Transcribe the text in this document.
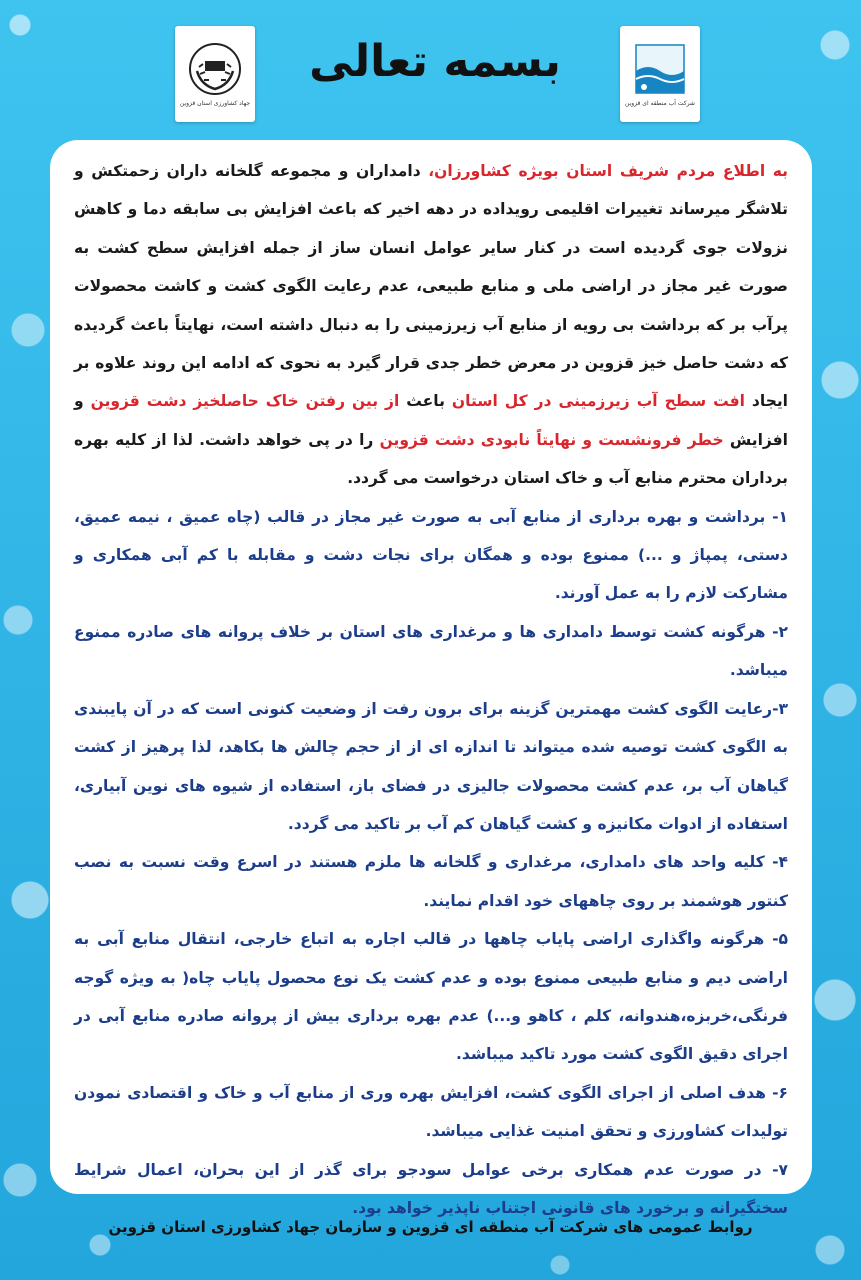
جهاد کشاورزی استان قزوین
بسمه تعالی
شرکت آب منطقه ای قزوین

به اطلاع مردم شریف استان بویژه کشاورزان، دامداران و مجموعه گلخانه داران زحمتکش و تلاشگر میرساند تغییرات اقلیمی رویداده در دهه اخیر که باعث افزایش بی سابقه دما و کاهش نزولات جوی گردیده است در کنار سایر عوامل انسان ساز از جمله افزایش سطح کشت به صورت غیر مجاز در اراضی ملی و منابع طبیعی، عدم رعایت الگوی کشت و کاشت محصولات پرآب بر که برداشت بی رویه از منابع آب زیرزمینی را به دنبال داشته است، نهایتاً باعث گردیده که دشت حاصل خیز قزوین در معرض خطر جدی قرار گیرد به نحوی که ادامه این روند علاوه بر ایجاد افت سطح آب زیرزمینی در کل استان باعث از بین رفتن خاک حاصلخیز دشت قزوین و افزایش خطر فرونشست و نهایتاً نابودی دشت قزوین را در پی خواهد داشت. لذا از کلیه بهره برداران محترم منابع آب و خاک استان درخواست می گردد.

۱- برداشت و بهره برداری از منابع آبی به صورت غیر مجاز در قالب (چاه عمیق ، نیمه عمیق، دستی، پمپاژ و ...) ممنوع بوده و همگان برای نجات دشت و مقابله با کم آبی همکاری و مشارکت لازم را به عمل آورند.

۲- هرگونه کشت توسط دامداری ها و مرغداری های استان بر خلاف پروانه های صادره ممنوع میباشد.

۳-رعایت الگوی کشت مهمترین گزینه برای برون رفت از وضعیت کنونی است که در آن پایبندی به الگوی کشت توصیه شده میتواند تا اندازه ای از از حجم چالش ها بکاهد، لذا پرهیز از کشت گیاهان آب بر، عدم کشت محصولات جالیزی در فضای باز، استفاده از شیوه های نوین آبیاری، استفاده از ادوات مکانیزه و کشت گیاهان کم آب بر تاکید می گردد.

۴- کلیه واحد های دامداری، مرغداری و گلخانه ها ملزم هستند در اسرع وقت نسبت به نصب کنتور هوشمند بر روی چاههای خود اقدام نمایند.

۵- هرگونه واگذاری اراضی پایاب چاهها در قالب اجاره به اتباع خارجی، انتقال منابع آبی به اراضی دیم و منابع طبیعی ممنوع بوده و عدم کشت یک نوع محصول پایاب چاه( به ویژه گوجه فرنگی،خربزه،هندوانه، کلم ، کاهو و...) عدم بهره برداری بیش از پروانه صادره منابع آبی در اجرای دقیق الگوی کشت مورد تاکید میباشد.

۶- هدف اصلی از اجرای الگوی کشت، افزایش بهره وری از منابع آب و خاک و اقتصادی نمودن تولیدات کشاورزی و تحقق امنیت غذایی میباشد.

۷- در صورت عدم همکاری برخی عوامل سودجو برای گذر از این بحران، اعمال شرایط سختگیرانه و برخورد های قانونی اجتناب ناپذیر خواهد بود.

روابط عمومی های شرکت آب منطقه ای قزوین و سازمان جهاد کشاورزی استان قزوین
